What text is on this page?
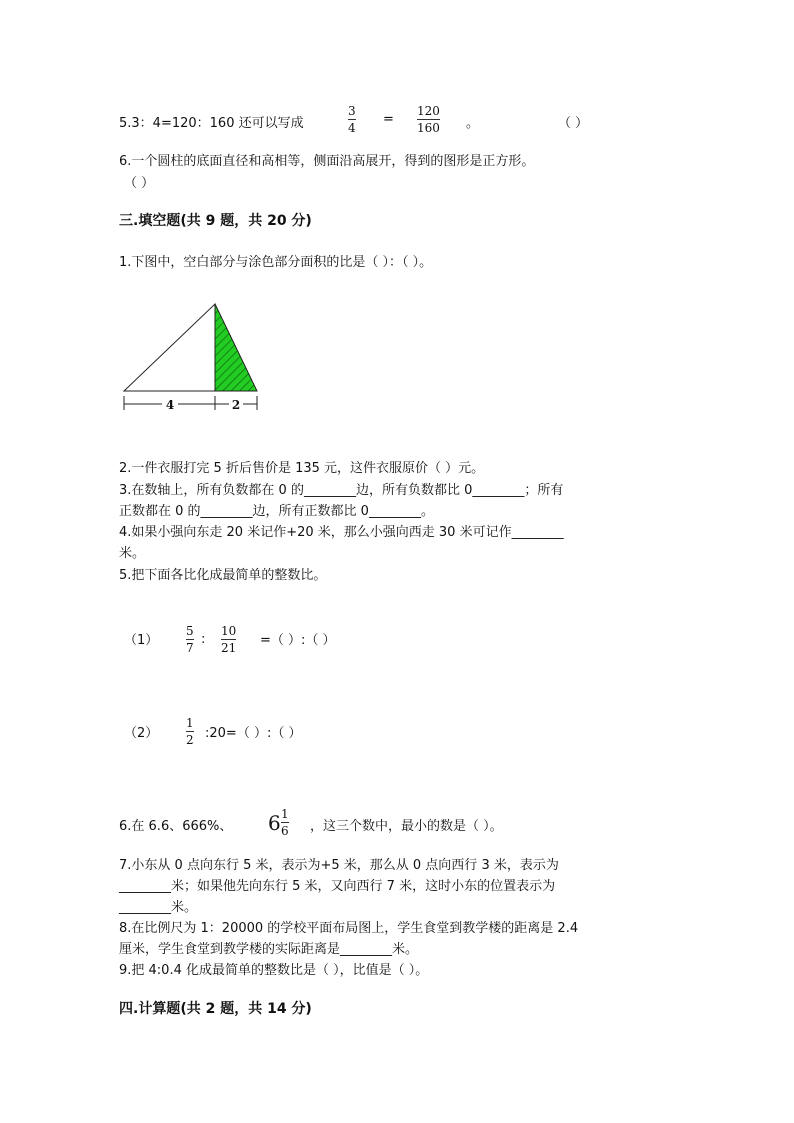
5.3：4=120：160 还可以写成
3
4
=
120
160 。	（ ）
6.一个圆柱的底面直径和高相等，侧面沿高展开，得到的图形是正方形。
（ ）
三.填空题(共 9 题，共 20 分)
1.下图中，空白部分与涂色部分面积的比是（ ）：（ ）。
4	2
2.一件衣服打完 5 折后售价是 135 元，这件衣服原价（ ）元。
3.在数轴上，所有负数都在 0 的________边，所有负数都比 0________；所有
正数都在 0 的________边，所有正数都比 0________。
4.如果小强向东走 20 米记作+20 米，那么小强向西走 30 米可记作________
米。
5.把下面各比化成最简单的整数比。
（1）
5
7
:
10
21 =（ ）:（ ）
（2）
1
2 :20=（ ）:（ ）
6.在 6.6、666%、 6 1
6 ，这三个数中，最小的数是（ ）。
7.小东从 0 点向东行 5 米，表示为+5 米，那么从 0 点向西行 3 米，表示为
________米；如果他先向东行 5 米，又向西行 7 米，这时小东的位置表示为
________米。
8.在比例尺为 1：20000 的学校平面布局图上，学生食堂到教学楼的距离是 2.4
厘米，学生食堂到教学楼的实际距离是________米。
9.把 4:0.4 化成最简单的整数比是（ ），比值是（ ）。
四.计算题(共 2 题，共 14 分)
